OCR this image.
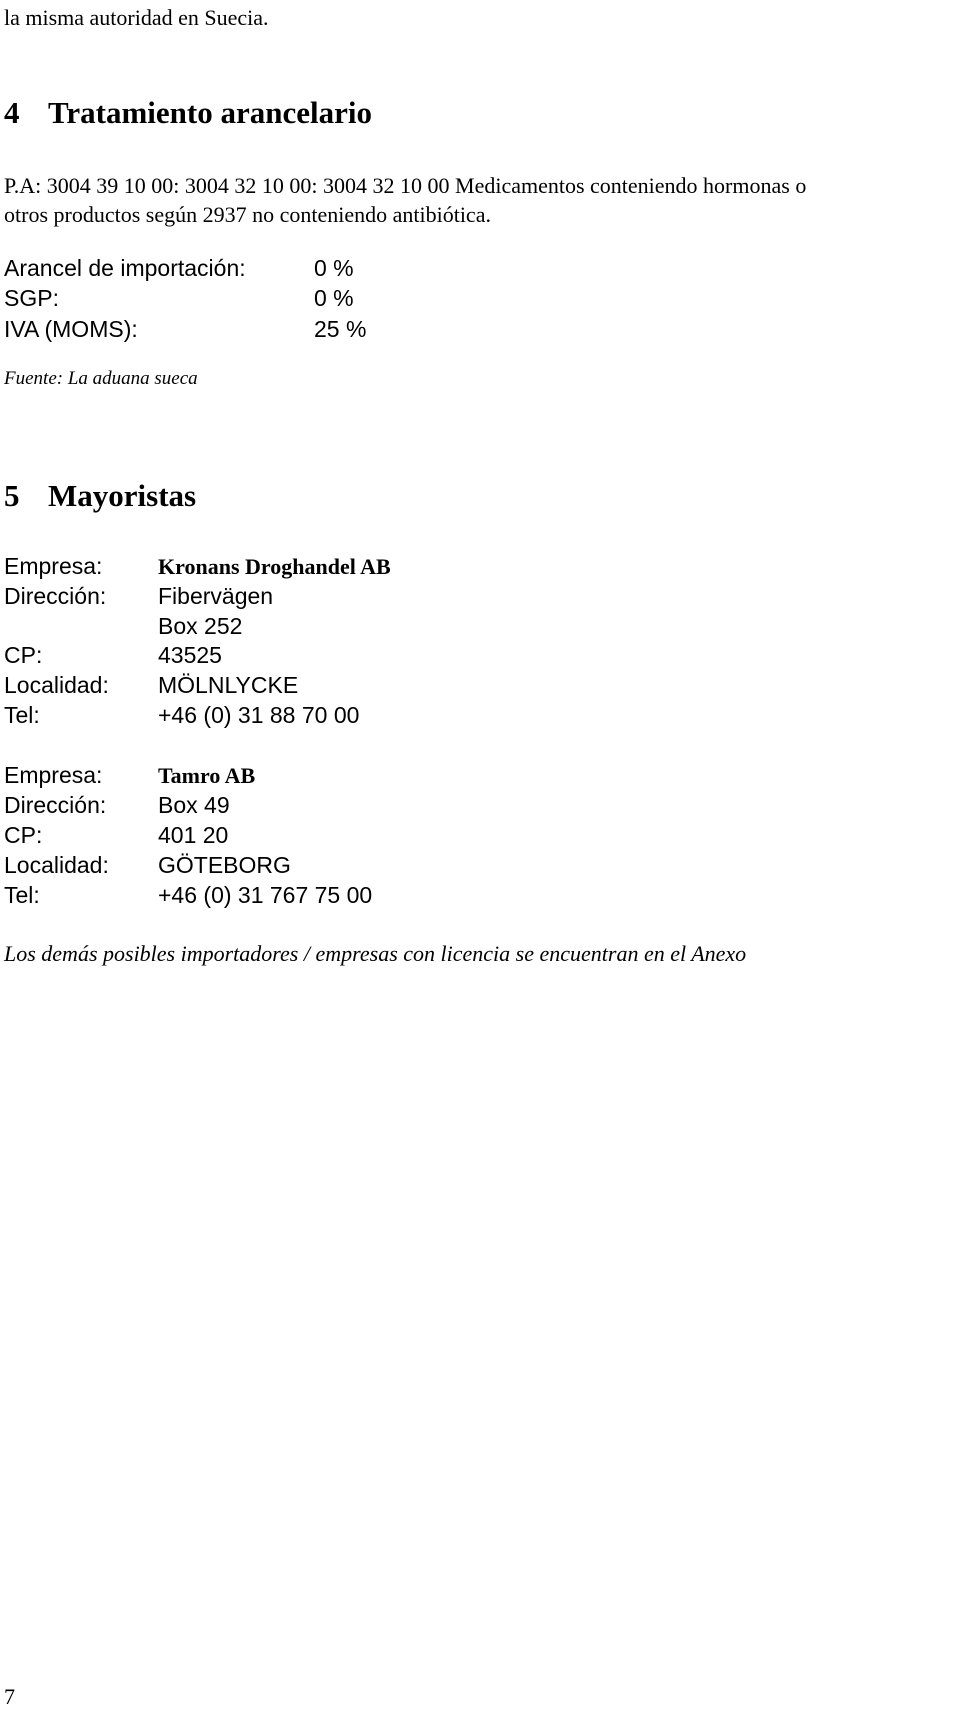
la misma autoridad en Suecia.
4 Tratamiento arancelario
P.A: 3004 39 10 00: 3004 32 10 00: 3004 32 10 00 Medicamentos conteniendo hormonas o
otros productos según 2937 no conteniendo antibiótica.
Arancel de importación:	0 %
SGP:	0 %
IVA (MOMS):	25 %
Fuente: La aduana sueca
5 Mayoristas
Empresa:	Kronans Droghandel AB
Dirección: Fibervägen
Box 252
CP:	43525
Localidad: MÖLNLYCKE
Tel:	+46 (0) 31 88 70 00
Empresa:	Tamro AB
Dirección: Box 49
CP:	401 20
Localidad: GÖTEBORG
Tel:	+46 (0) 31 767 75 00
Los demás posibles importadores / empresas con licencia se encuentran en el Anexo
7
